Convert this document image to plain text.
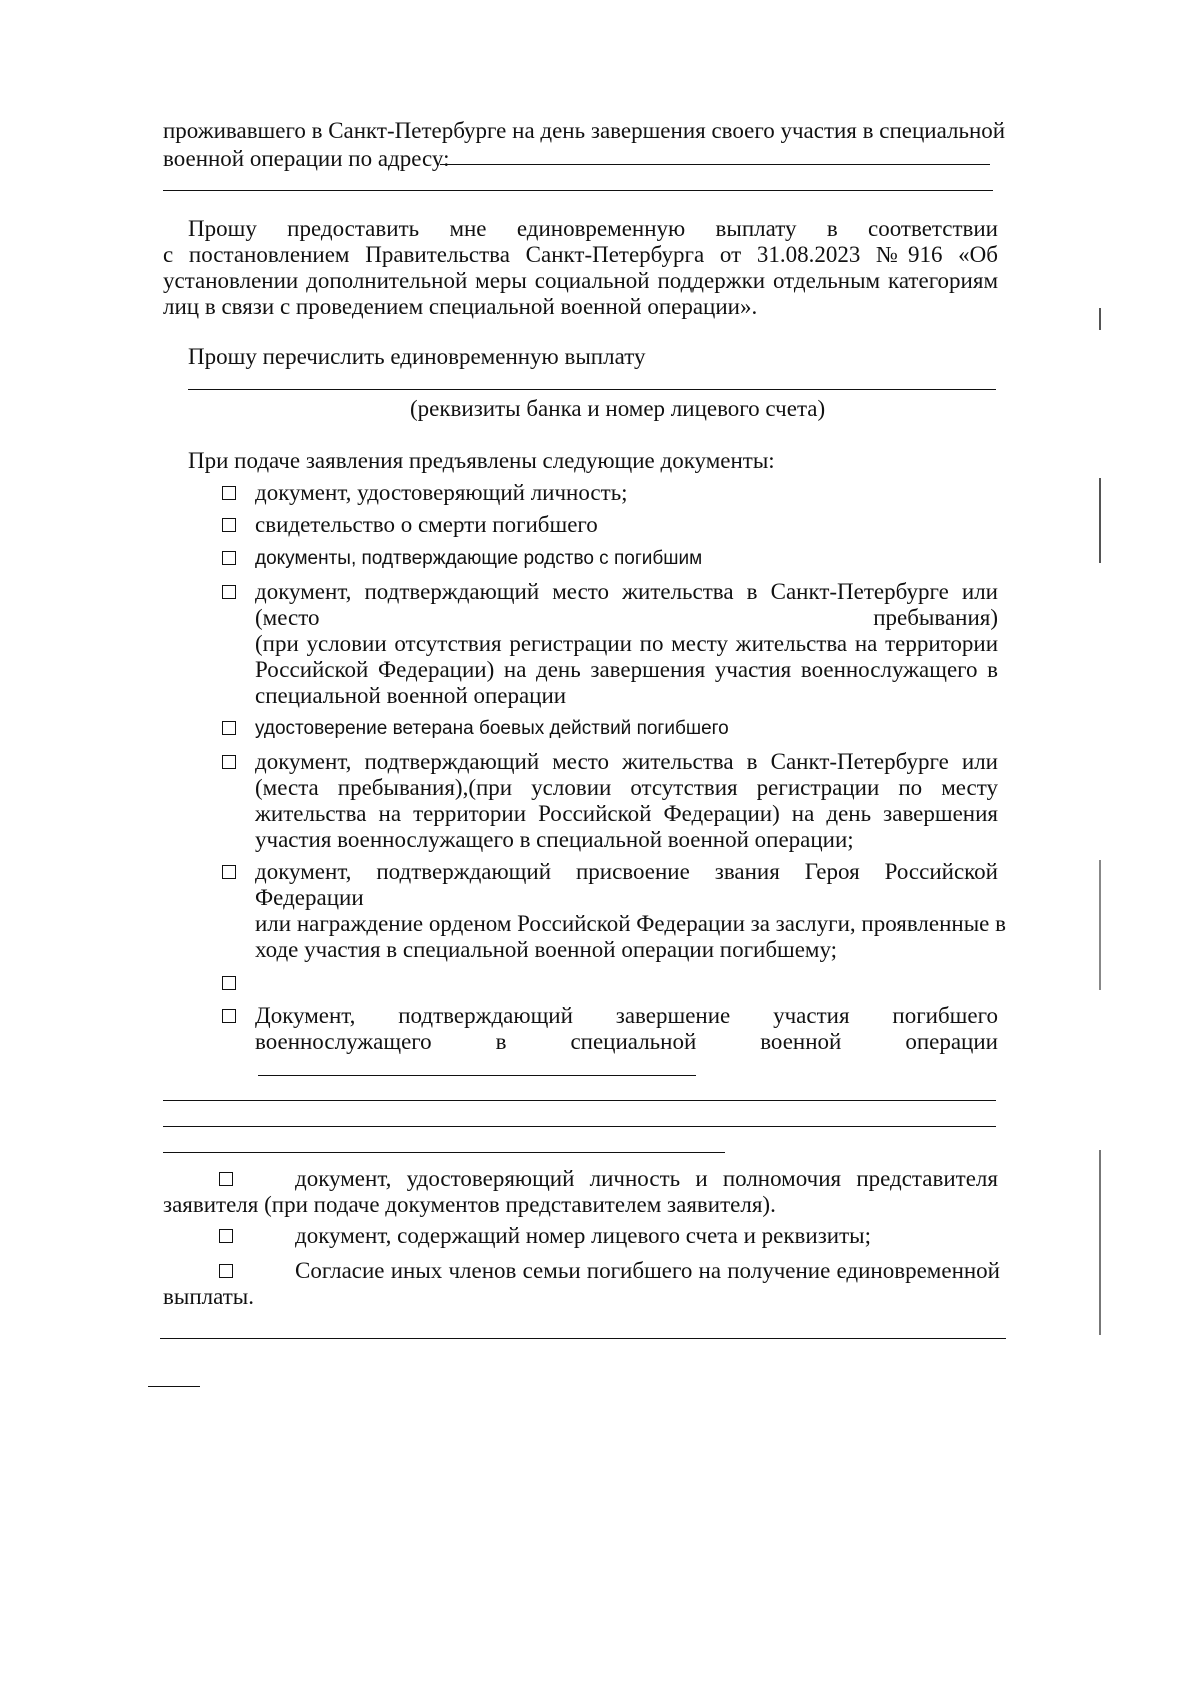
проживавшего в Санкт-Петербурге на день завершения своего участия в специальной
военной операции по адресу:
Прошу предоставить мне единовременную выплату в соответствии
с постановлением Правительства Санкт-Петербурга от 31.08.2023 №916 «Об
установлении дополнительной меры социальной поддержки отдельным категориям
лиц в связи с проведением специальной военной операции».
Прошу перечислить единовременную выплату
(реквизиты банка и номер лицевого счета)
При подаче заявления предъявлены следующие документы:
документ, удостоверяющий личность;
свидетельство о смерти погибшего
документы, подтверждающие родство с погибшим
документ, подтверждающий место жительства в Санкт-Петербурге или
(место	пребывания)
(при условии отсутствия регистрации по месту жительства на территории
Российской Федерации) на день завершения участия военнослужащего в
специальной военной операции
удостоверение ветерана боевых действий погибшего
документ, подтверждающий место жительства в Санкт-Петербурге или
(места пребывания),(при условии отсутствия регистрации по месту
жительства на территории Российской Федерации) на день завершения
участия военнослужащего в специальной военной операции;
документ, подтверждающий присвоение звания Героя Российской
Федерации
или награждение орденом Российской Федерации за заслуги, проявленные в
ходе участия в специальной военной операции погибшему;
Документ, подтверждающий завершение участия погибшего
военнослужащего	в	специальной	военной	операции
документ, удостоверяющий личность и полномочия представителя
заявителя (при подаче документов представителем заявителя).
документ, содержащий номер лицевого счета и реквизиты;
Согласие иных членов семьи погибшего на получение единовременной
выплаты.
